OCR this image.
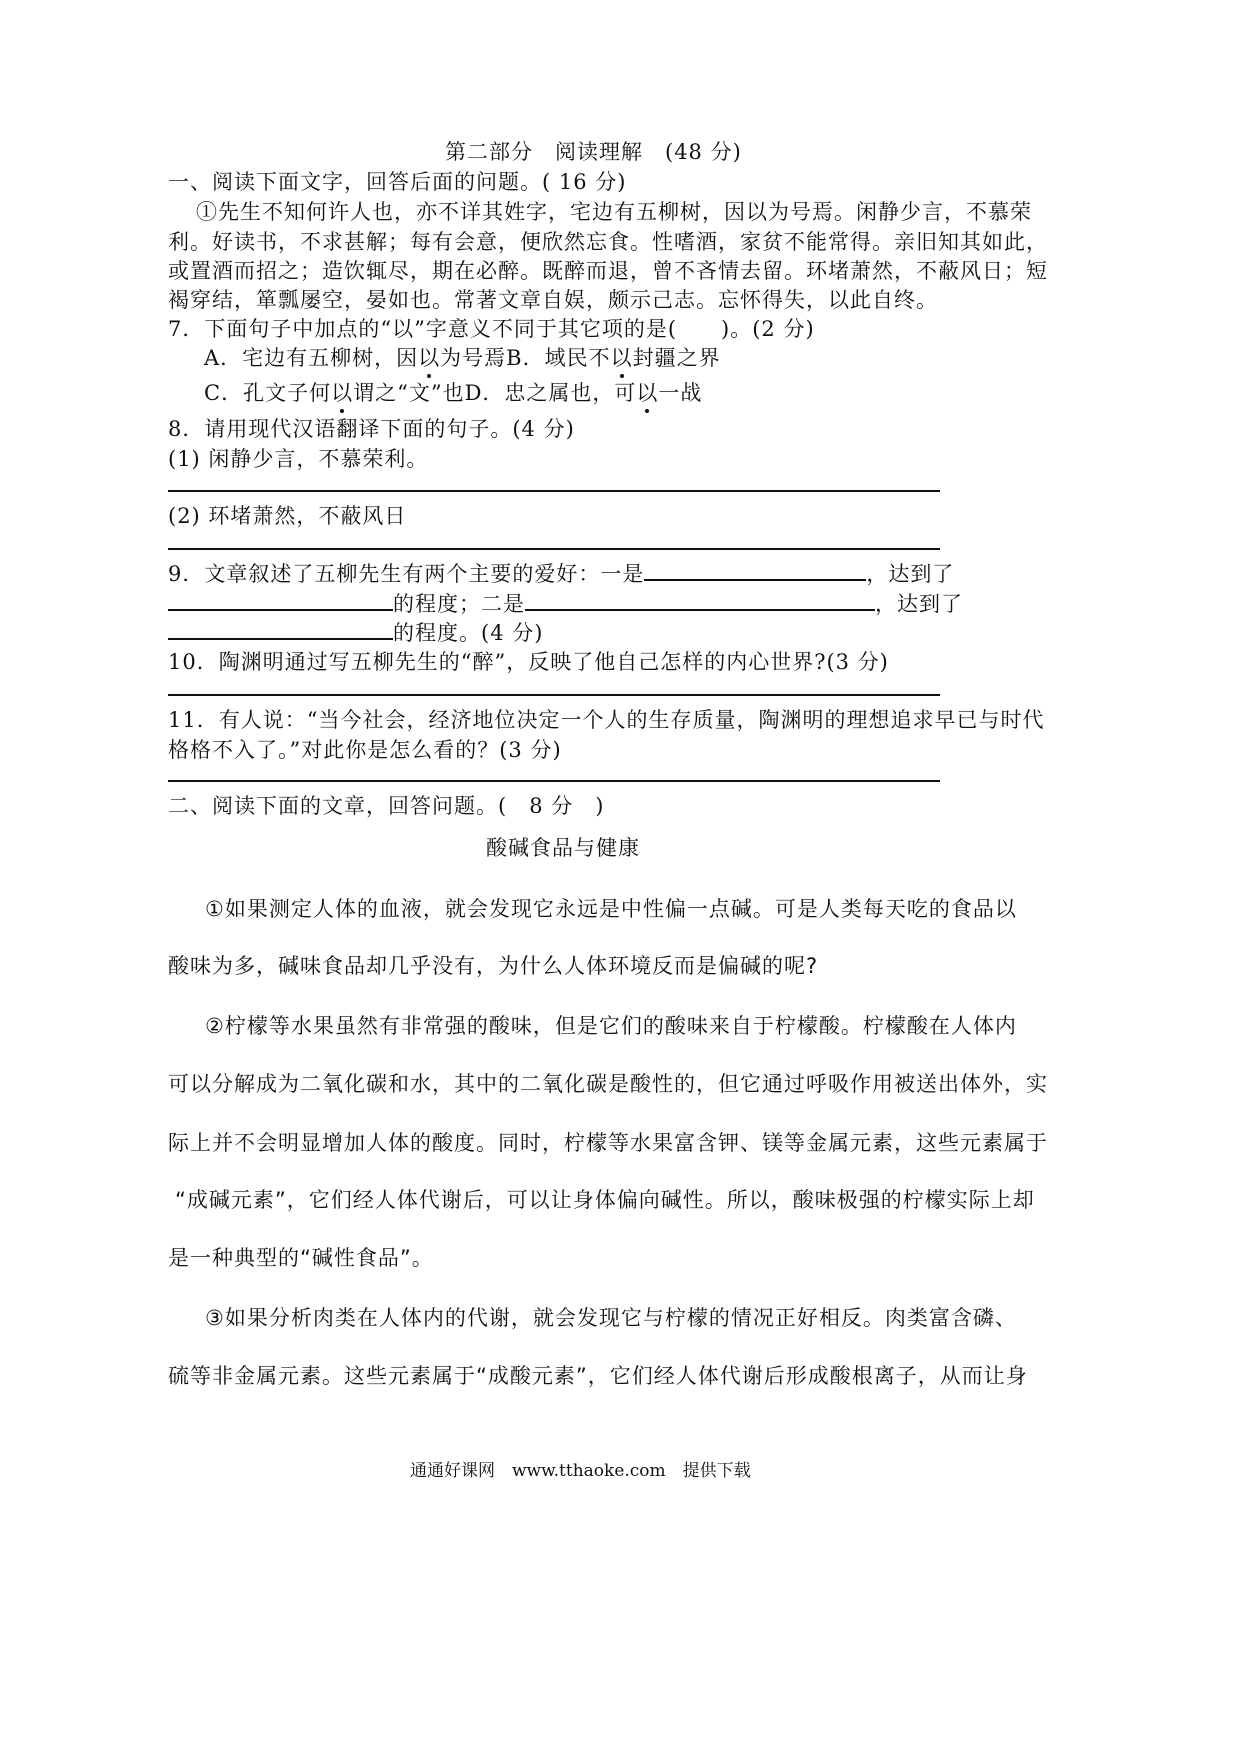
第二部分　阅读理解　(48 分)
一、阅读下面文字，回答后面的问题。( 16 分)
①先生不知何许人也，亦不详其姓字，宅边有五柳树，因以为号焉。闲静少言，不慕荣
利。好读书，不求甚解；每有会意，便欣然忘食。性嗜酒，家贫不能常得。亲旧知其如此，
或置酒而招之；造饮辄尽，期在必醉。既醉而退，曾不吝情去留。环堵萧然，不蔽风日；短
褐穿结，箪瓢屡空，晏如也。常著文章自娱，颇示己志。忘怀得失，以此自终。
7．下面句子中加点的“以”字意义不同于其它项的是(　　)。(2 分)
A．宅边有五柳树，因以为号焉B．域民不以封疆之界
C．孔文子何以谓之“文”也D．忠之属也，可以一战
8．请用现代汉语翻译下面的句子。(4 分)
(1) 闲静少言，不慕荣利。
(2) 环堵萧然，不蔽风日
9．文章叙述了五柳先生有两个主要的爱好：一是	，达到了
的程度；二是	，达到了
的程度。(4 分)
10．陶渊明通过写五柳先生的“醉”，反映了他自己怎样的内心世界?(3 分)
11．有人说：“当今社会，经济地位决定一个人的生存质量，陶渊明的理想追求早已与时代
格格不入了。”对此你是怎么看的？(3 分)
二、阅读下面的文章，回答问题。(　8 分　)
酸碱食品与健康
①如果测定人体的血液，就会发现它永远是中性偏一点碱。可是人类每天吃的食品以
酸味为多，碱味食品却几乎没有，为什么人体环境反而是偏碱的呢?
②柠檬等水果虽然有非常强的酸味，但是它们的酸味来自于柠檬酸。柠檬酸在人体内
可以分解成为二氧化碳和水，其中的二氧化碳是酸性的，但它通过呼吸作用被送出体外，实
际上并不会明显增加人体的酸度。同时，柠檬等水果富含钾、镁等金属元素，这些元素属于
“成碱元素”，它们经人体代谢后，可以让身体偏向碱性。所以，酸味极强的柠檬实际上却
是一种典型的“碱性食品”。
③如果分析肉类在人体内的代谢，就会发现它与柠檬的情况正好相反。肉类富含磷、
硫等非金属元素。这些元素属于“成酸元素”，它们经人体代谢后形成酸根离子，从而让身
通通好课网　www.tthaoke.com　提供下载
